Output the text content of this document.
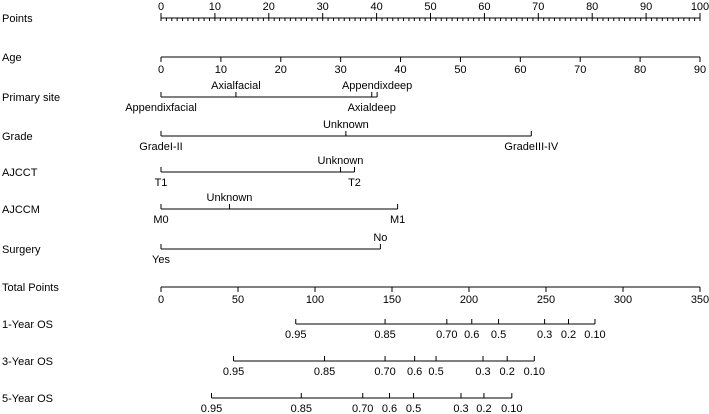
Points
0	10	20	30	40	50	60	70	80	90	100
Age
0	10	20	30	40	50	60	70	80	90
Primary site
Appendixfacial
Axialfacial
Axialdeep
Appendixdeep
Grade
GradeI-II
Unknown
GradeIII-IV
AJCCT
T1
Unknown
T2
AJCCM
M0
Unknown
M1
Surgery
Yes
No
Total Points
0	50	100	150	200	250	300	350
1-Year OS
0.95	0.85	0.70 0.6 0.5	0.3 0.2 0.10
3-Year OS
0.95	0.85	0.70 0.6 0.5	0.3 0.2 0.10
5-Year OS
0.95	0.85	0.70 0.6 0.5	0.3 0.2 0.10
